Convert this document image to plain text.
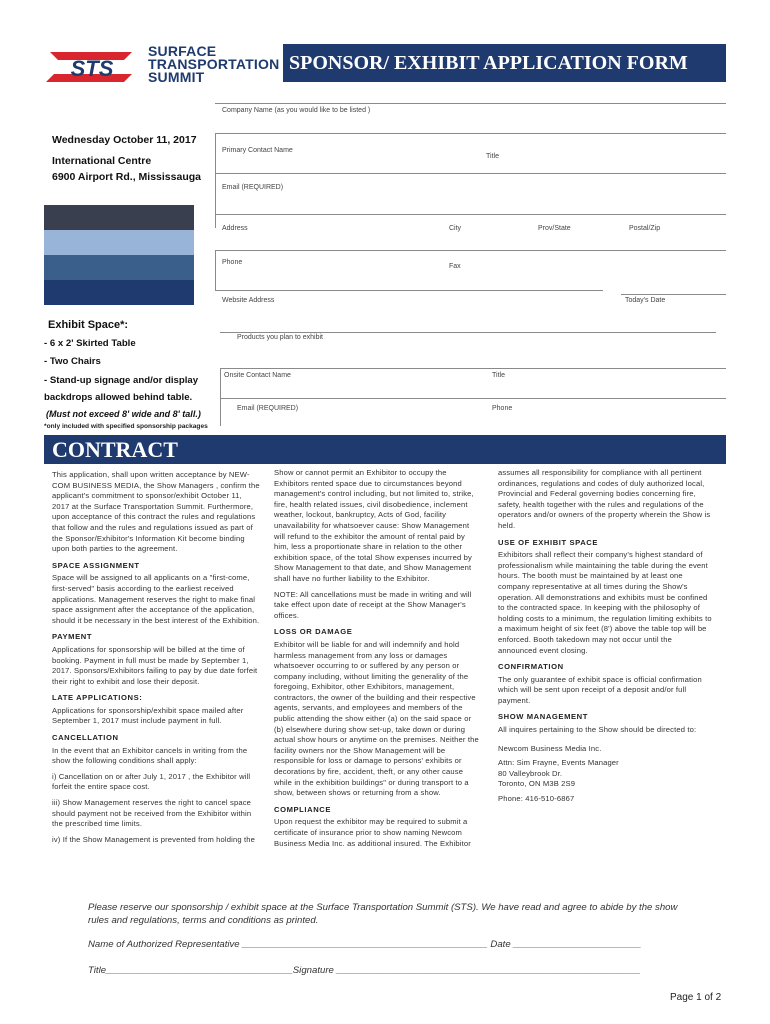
STS
SURFACE
TRANSPORTATION
SUMMIT
SPONSOR/ EXHIBIT APPLICATION FORM
Company Name (as you would like to be listed )
Wednesday October 11, 2017
International Centre
6900 Airport Rd., Mississauga
Primary Contact Name
Title
Email (REQUIRED)
Address	City	Prov/State	Postal/Zip
Phone
Fax
Website Address	Today's Date
Exhibit Space*:
- 6 x 2' Skirted Table
- Two Chairs
- Stand-up signage and/or display
backdrops allowed behind table.
(Must not exceed 8' wide and 8' tall.)
*only included with specified sponsorship packages
Products you plan to exhibit
Onsite Contact Name	Title
Email (REQUIRED)	Phone
CONTRACT

This application, shall upon written acceptance by NEW-COM BUSINESS MEDIA, the Show Managers , confirm the applicant's commitment to sponsor/exhibit October 11, 2017 at the Surface Transportation Summit. Furthermore, upon acceptance of this contract the rules and regulations that follow and the rules and regulations issued as part of the Sponsor/Exhibitor's Information Kit become binding upon both parties to the agreement.

SPACE ASSIGNMENT

Space will be assigned to all applicants on a "first-come, first-served" basis according to the earliest received applications. Management reserves the right to make final space assignment after the acceptance of the application, should it be necessary in the best interest of the Exhibition.

PAYMENT

Applications for sponsorship will be billed at the time of booking. Payment in full must be made by September 1, 2017. Sponsors/Exhibitors failing to pay by due date forfeit their right to exhibit and lose their deposit.

LATE APPLICATIONS:

Applications for sponsorship/exhibit space mailed after September 1, 2017 must include payment in full.

CANCELLATION

In the event that an Exhibitor cancels in writing from the show the following conditions shall apply:

i) Cancellation on or after July 1, 2017 , the Exhibitor will forfeit the entire space cost.

iii) Show Management reserves the right to cancel space should payment not be received from the Exhibitor within the prescribed time limits.

iv) If the Show Management is prevented from holding the

Show or cannot permit an Exhibitor to occupy the Exhibitors rented space due to circumstances beyond management's control including, but not limited to, strike, fire, health related issues, civil disobedience, inclement weather, lockout, bankruptcy, Acts of God, facility unavailability for whatsoever cause: Show Management will refund to the exhibitor the amount of rental paid by him, less a proportionate share in relation to the other exhibition space, of the total Show expenses incurred by Show Management to that date, and Show Management shall have no further liability to the Exhibitor.

NOTE: All cancellations must be made in writing and will take effect upon date of receipt at the Show Manager's offices.

LOSS OR DAMAGE

Exhibitor will be liable for and will indemnify and hold harmless management from any loss or damages whatsoever occurring to or suffered by any person or company including, without limiting the generality of the foregoing, Exhibitor, other Exhibitors, management, contractors, the owner of the building and their respective agents, servants, and employees and members of the public attending the show either (a) on the said space or (b) elsewhere during show set-up, take down or during actual show hours or anytime on the premises. Neither the facility owners nor the Show Management will be responsible for loss or damage to persons' exhibits or decorations by fire, accident, theft, or any other cause while in the exhibition buildings" or during transport to a show, between shows or returning from a show.

COMPLIANCE

Upon request the exhibitor may be required to submit a certificate of insurance prior to show naming Newcom Business Media Inc. as additional insured. The Exhibitor

assumes all responsibility for compliance with all pertinent ordinances, regulations and codes of duly authorized local, Provincial and Federal governing bodies concerning fire, safety, health together with the rules and regulations of the operators and/or owners of the property wherein the Show is held.

USE OF EXHIBIT SPACE

Exhibitors shall reflect their company's highest standard of professionalism while maintaining the table during the event hours. The booth must be maintained by at least one company representative at all times during the Show's operation. All demonstrations and exhibits must be confined to the contracted space. In keeping with the philosophy of holding costs to a minimum, the regulation limiting exhibits to a maximum height of six feet (8') above the table top will be enforced. Booth takedown may not occur until the announced event closing.

CONFIRMATION

The only guarantee of exhibit space is official confirmation which will be sent upon receipt of a deposit and/or full payment.

SHOW MANAGEMENT

All inquires pertaining to the Show should be directed to:

Newcom Business Media Inc.
Attn: Sim Frayne, Events Manager
80 Valleybrook Dr.
Toronto, ON M3B 2S9
Phone: 416-510-6867
Please reserve our sponsorship / exhibit space at the Surface Transportation Summit (STS). We have read and agree to abide by the show rules and regulations, terms and conditions as printed.
Name of Authorized Representative ______________________________________________ Date ________________________
Title___________________________________Signature _________________________________________________________
Page 1 of 2
